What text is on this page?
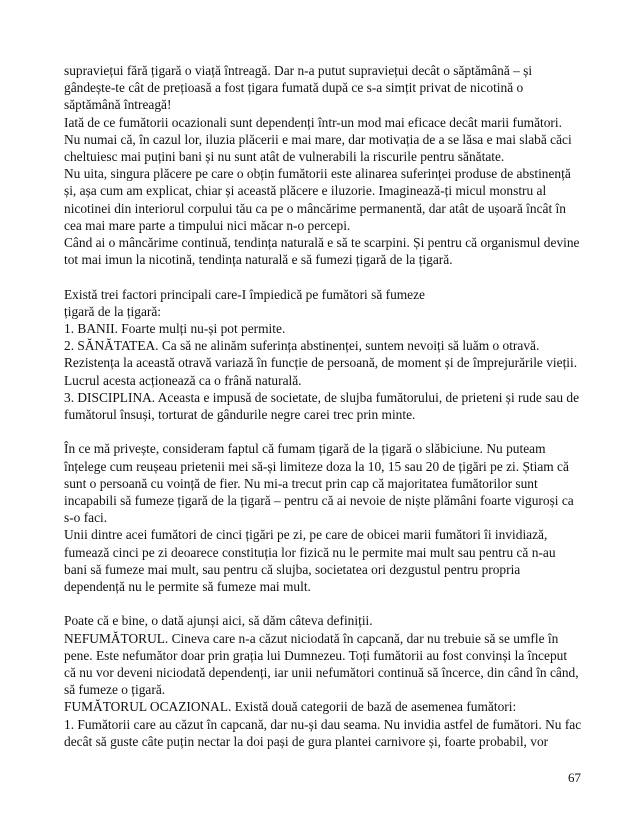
supraviețui fără țigară o viață întreagă. Dar n-a putut supraviețui decât o săptămână – și
gândește-te cât de prețioasă a fost țigara fumată după ce s-a simțit privat de nicotină o
săptămână întreagă!
Iată de ce fumătorii ocazionali sunt dependenți într-un mod mai eficace decât marii fumători.
Nu numai că, în cazul lor, iluzia plăcerii e mai mare, dar motivația de a se lăsa e mai slabă căci
cheltuiesc mai puțini bani și nu sunt atât de vulnerabili la riscurile pentru sănătate.
Nu uita, singura plăcere pe care o obțin fumătorii este alinarea suferinței produse de abstinență
și, așa cum am explicat, chiar și această plăcere e iluzorie. Imaginează-ți micul monstru al
nicotinei din interiorul corpului tău ca pe o mâncărime permanentă, dar atât de ușoară încât în
cea mai mare parte a timpului nici măcar n-o percepi.
Când ai o mâncărime continuă, tendința naturală e să te scarpini. Și pentru că organismul devine
tot mai imun la nicotină, tendința naturală e să fumezi țigară de la țigară.
Există trei factori principali care-I împiedică pe fumători să fumeze
țigară de la țigară:
1. BANII. Foarte mulți nu-și pot permite.
2. SĂNĂTATEA. Ca să ne alinăm suferința abstinenței, suntem nevoiți să luăm o otravă.
Rezistența la această otravă variază în funcție de persoană, de moment și de împrejurările vieții.
Lucrul acesta acționează ca o frână naturală.
3. DISCIPLINA. Aceasta e impusă de societate, de slujba fumătorului, de prieteni și rude sau de
fumătorul însuși, torturat de gândurile negre carei trec prin minte.
În ce mă privește, consideram faptul că fumam țigară de la țigară o slăbiciune. Nu puteam
înțelege cum reușeau prietenii mei să-și limiteze doza la 10, 15 sau 20 de țigări pe zi. Știam că
sunt o persoană cu voință de fier. Nu mi-a trecut prin cap că majoritatea fumătorilor sunt
incapabili să fumeze țigară de la țigară – pentru că ai nevoie de niște plămâni foarte viguroși ca
s-o faci.
Unii dintre acei fumători de cinci țigări pe zi, pe care de obicei marii fumători îi invidiază,
fumează cinci pe zi deoarece constituția lor fizică nu le permite mai mult sau pentru că n-au
bani să fumeze mai mult, sau pentru că slujba, societatea ori dezgustul pentru propria
dependență nu le permite să fumeze mai mult.
Poate că e bine, o dată ajunși aici, să dăm câteva definiții.
NEFUMĂTORUL. Cineva care n-a căzut niciodată în capcană, dar nu trebuie să se umfle în
pene. Este nefumător doar prin grația lui Dumnezeu. Toți fumătorii au fost convinși la început
că nu vor deveni niciodată dependenți, iar unii nefumători continuă să încerce, din când în când,
să fumeze o țigară.
FUMĂTORUL OCAZIONAL. Există două categorii de bază de asemenea fumători:
1. Fumătorii care au căzut în capcană, dar nu-și dau seama. Nu invidia astfel de fumători. Nu fac
decât să guste câte puțin nectar la doi pași de gura plantei carnivore și, foarte probabil, vor
67
